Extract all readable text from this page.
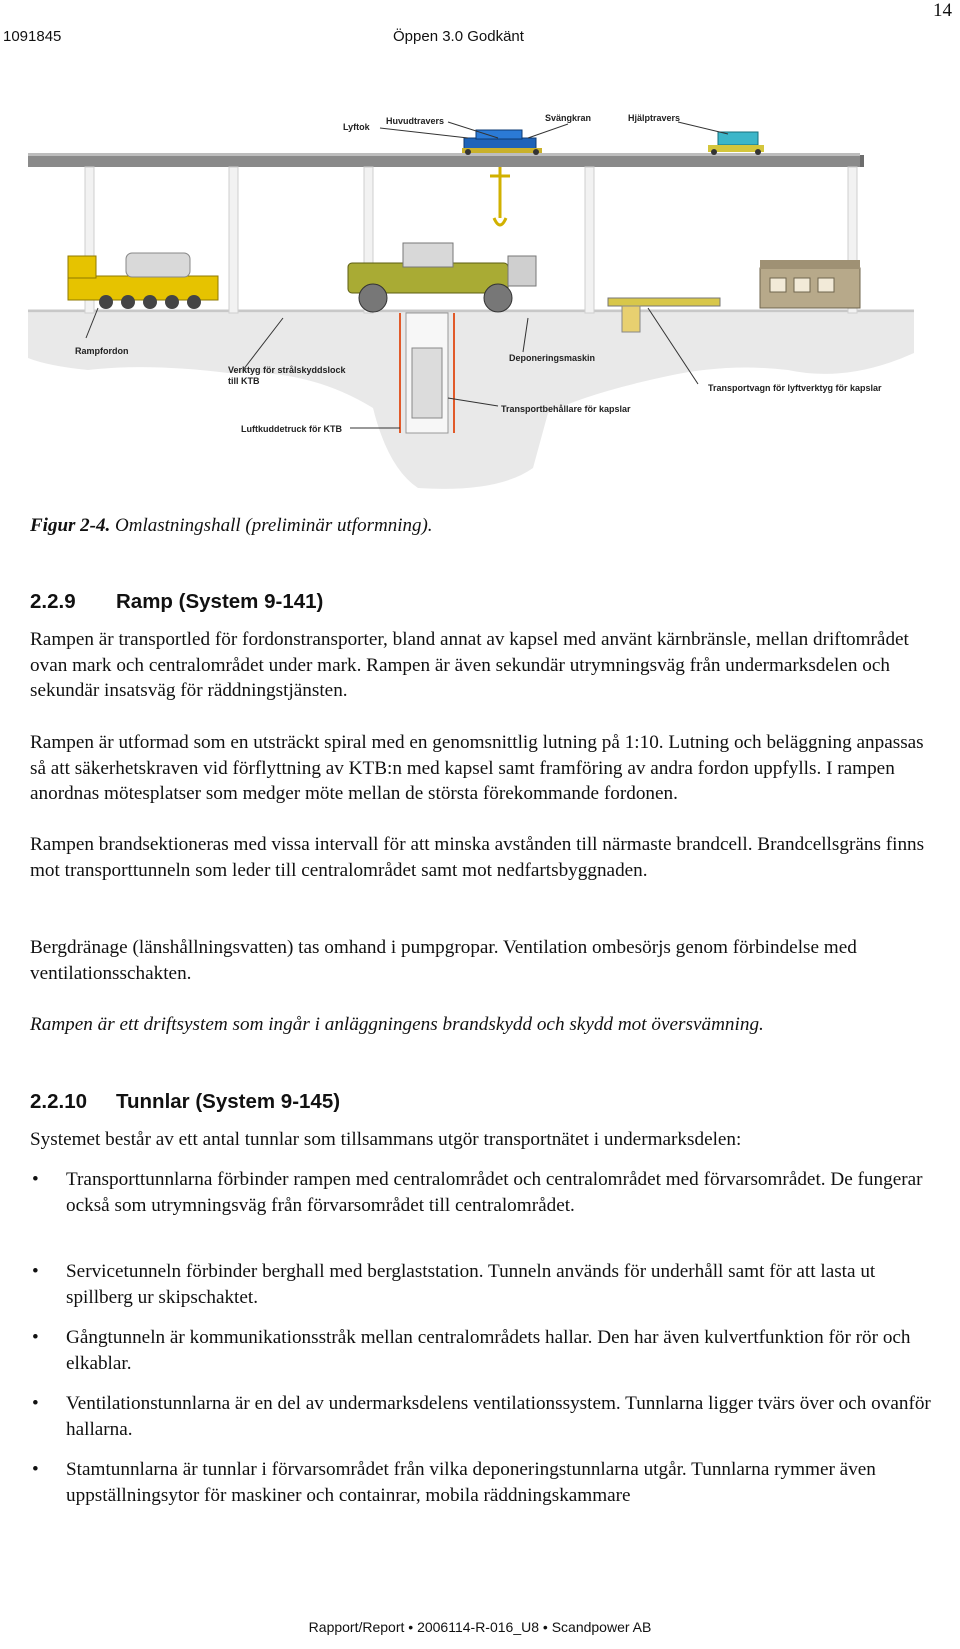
1091845	Öppen 3.0 Godkänt
14
Lyftok
Huvudtravers	Svängkran	Hjälptravers
Rampfordon
Verktyg för strålskyddslock
till KTB
Deponeringsmaskin
Transportvagn för lyftverktyg för kapslar
Transportbehållare för kapslar
Luftkuddetruck för KTB
Figur 2-4. Omlastningshall (preliminär utformning).
2.2.9 Ramp (System 9-141)

Rampen är transportled för fordonstransporter, bland annat av kapsel med använt kärnbränsle, mellan driftområdet ovan mark och centralområdet under mark. Rampen är även sekundär utrymningsväg från undermarksdelen och sekundär insatsväg för räddningstjänsten.

Rampen är utformad som en utsträckt spiral med en genomsnittlig lutning på 1:10. Lutning och beläggning anpassas så att säkerhetskraven vid förflyttning av KTB:n med kapsel samt framföring av andra fordon uppfylls. I rampen anordnas mötesplatser som medger möte mellan de största förekommande fordonen.

Rampen brandsektioneras med vissa intervall för att minska avstånden till närmaste brandcell. Brandcellsgräns finns mot transporttunneln som leder till centralområdet samt mot nedfartsbyggnaden.

Bergdränage (länshållningsvatten) tas omhand i pumpgropar. Ventilation ombesörjs genom förbindelse med ventilationsschakten.

Rampen är ett driftsystem som ingår i anläggningens brandskydd och skydd mot översvämning.

2.2.10 Tunnlar (System 9-145)

Systemet består av ett antal tunnlar som tillsammans utgör transportnätet i undermarksdelen:

• Transporttunnlarna förbinder rampen med centralområdet och centralområdet med förvarsområdet. De fungerar också som utrymningsväg från förvarsområdet till centralområdet.
• Servicetunneln förbinder berghall med berglaststation. Tunneln används för underhåll samt för att lasta ut spillberg ur skipschaktet.
• Gångtunneln är kommunikationsstråk mellan centralområdets hallar. Den har även kulvertfunktion för rör och elkablar.
• Ventilationstunnlarna är en del av undermarksdelens ventilationssystem. Tunnlarna ligger tvärs över och ovanför hallarna.
• Stamtunnlarna är tunnlar i förvarsområdet från vilka deponeringstunnlarna utgår. Tunnlarna rymmer även uppställningsytor för maskiner och containrar, mobila räddningskammare
Rapport/Report • 2006114-R-016_U8 • Scandpower AB
